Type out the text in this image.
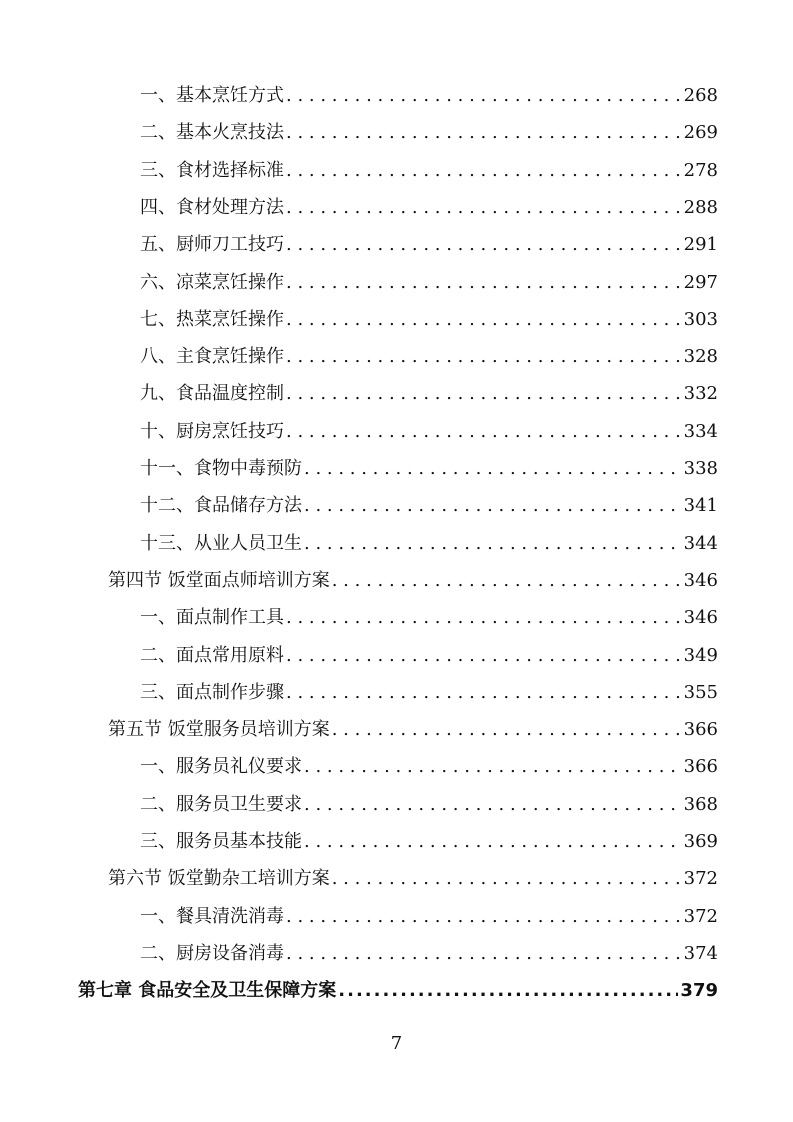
一、基本烹饪方式 . . .	268
二、基本火烹技法 . . .	269
三、食材选择标准 . . .	278
四、食材处理方法 . . .	288
五、厨师刀工技巧 . . .	291
六、凉菜烹饪操作 . . .	297
七、热菜烹饪操作 . . .	303
八、主食烹饪操作 . . .	328
九、食品温度控制 . . .	332
十、厨房烹饪技巧 . . .	334
十一、食物中毒预防 . . .	338
十二、食品储存方法 . . .	341
十三、从业人员卫生 . . .	344
第四节 饭堂面点师培训方案 . . .	346
一、面点制作工具 . . .	346
二、面点常用原料 . . .	349
三、面点制作步骤 . . .	355
第五节 饭堂服务员培训方案 . . .	366
一、服务员礼仪要求 . . .	366
二、服务员卫生要求 . . .	368
三、服务员基本技能 . . .	369
第六节 饭堂勤杂工培训方案 . . .	372
一、餐具清洗消毒 . . .	372
二、厨房设备消毒 . . .	374
第七章 食品安全及卫生保障方案 .....	379
7
